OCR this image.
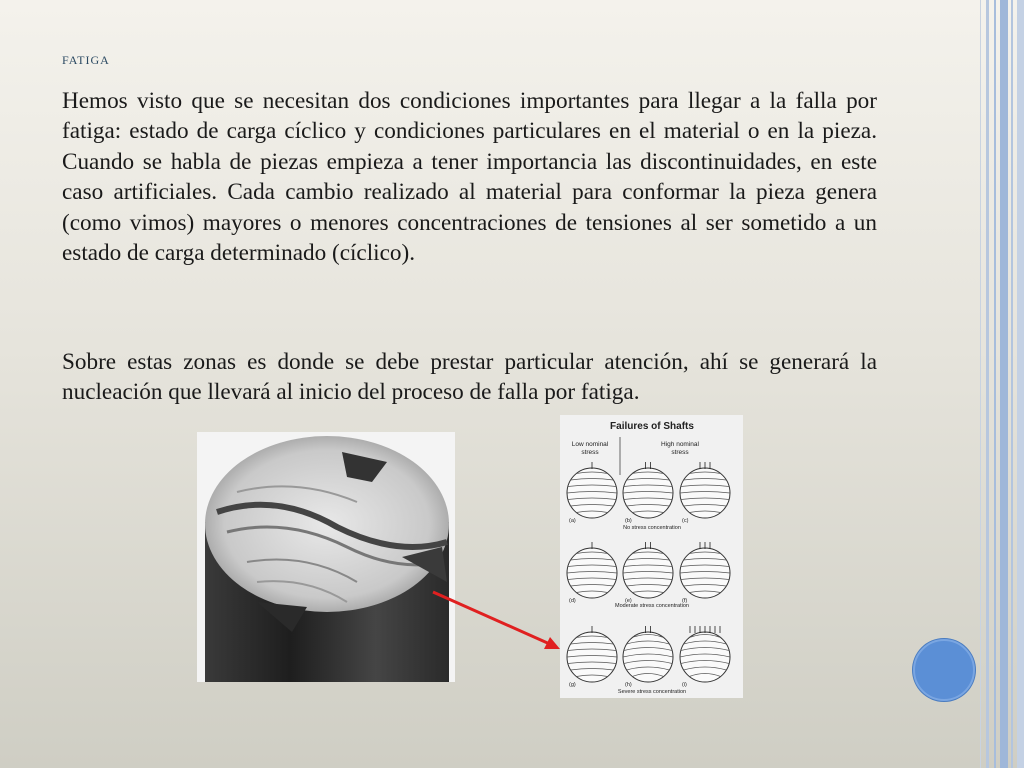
fatiga

Hemos visto que se necesitan dos condiciones importantes para llegar a la falla por fatiga: estado de carga cíclico y condiciones particulares en el material o en la pieza. Cuando se habla de piezas empieza a tener importancia las discontinuidades, en este caso artificiales. Cada cambio realizado al material para conformar la pieza genera (como vimos) mayores o menores concentraciones de tensiones al ser sometido a un estado de carga determinado (cíclico).

Sobre estas zonas es donde se debe prestar particular atención, ahí se generará la nucleación que llevará al inicio del proceso de falla por fatiga.

Failures of Shafts
Low nominal
stress
High nominal
stress
No stress concentration
Moderate stress concentration
Severe stress concentration
(a)	(b)	(c)
(d)	(e)	(f)
(g)	(h)	(i)
